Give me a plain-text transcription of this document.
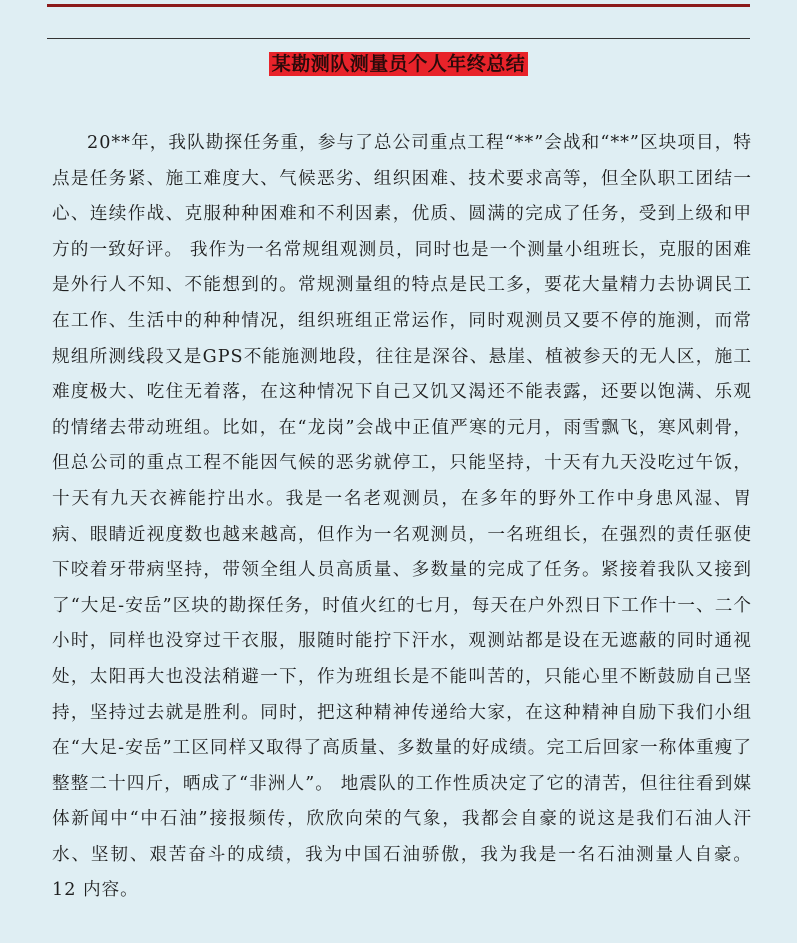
某勘测队测量员个人年终总结

20**年，我队勘探任务重，参与了总公司重点工程“**”会战和“**”区块项目，特点是任务紧、施工难度大、气候恶劣、组织困难、技术要求高等，但全队职工团结一心、连续作战、克服种种困难和不利因素，优质、圆满的完成了任务，受到上级和甲方的一致好评。 我作为一名常规组观测员，同时也是一个测量小组班长，克服的困难是外行人不知、不能想到的。常规测量组的特点是民工多，要花大量精力去协调民工在工作、生活中的种种情况，组织班组正常运作，同时观测员又要不停的施测，而常规组所测线段又是GPS不能施测地段，往往是深谷、悬崖、植被参天的无人区，施工难度极大、吃住无着落，在这种情况下自己又饥又渴还不能表露，还要以饱满、乐观的情绪去带动班组。比如，在“龙岗”会战中正值严寒的元月，雨雪飘飞，寒风刺骨，但总公司的重点工程不能因气候的恶劣就停工，只能坚持，十天有九天没吃过午饭，十天有九天衣裤能拧出水。我是一名老观测员，在多年的野外工作中身患风湿、胃病、眼睛近视度数也越来越高，但作为一名观测员，一名班组长，在强烈的责任驱使下咬着牙带病坚持，带领全组人员高质量、多数量的完成了任务。紧接着我队又接到了“大足-安岳”区块的勘探任务，时值火红的七月，每天在户外烈日下工作十一、二个小时，同样也没穿过干衣服，服随时能拧下汗水，观测站都是设在无遮蔽的同时通视处，太阳再大也没法稍避一下，作为班组长是不能叫苦的，只能心里不断鼓励自己坚持，坚持过去就是胜利。同时，把这种精神传递给大家，在这种精神自励下我们小组在“大足-安岳”工区同样又取得了高质量、多数量的好成绩。完工后回家一称体重瘦了整整二十四斤，晒成了“非洲人”。 地震队的工作性质决定了它的清苦，但往往看到媒体新闻中“中石油”接报频传，欣欣向荣的气象，我都会自豪的说这是我们石油人汗水、坚韧、艰苦奋斗的成绩，我为中国石油骄傲，我为我是一名石油测量人自豪。 12 内容。
